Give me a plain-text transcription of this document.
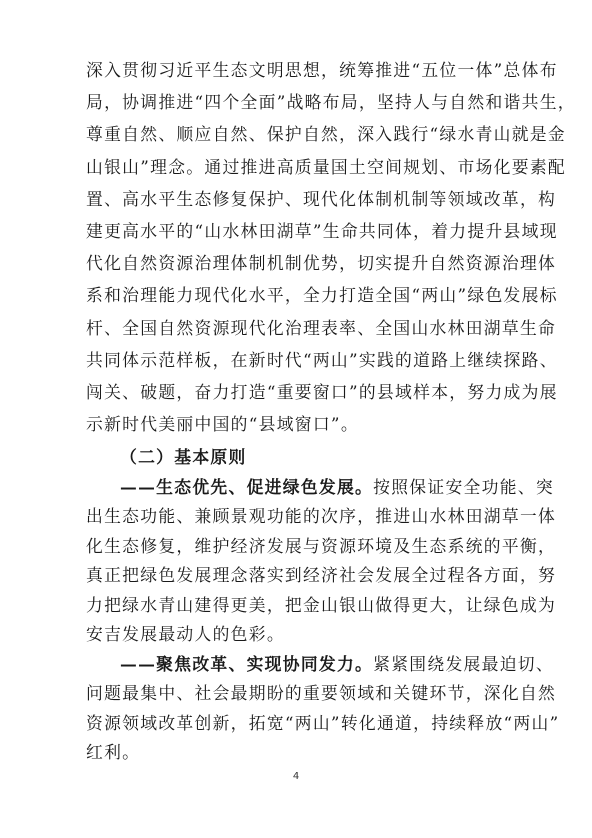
深入贯彻习近平生态文明思想，统筹推进“五位一体”总体布
局，协调推进“四个全面”战略布局，坚持人与自然和谐共生，
尊重自然、顺应自然、保护自然，深入践行“绿水青山就是金
山银山”理念。通过推进高质量国土空间规划、市场化要素配
置、高水平生态修复保护、现代化体制机制等领域改革，构
建更高水平的“山水林田湖草”生命共同体，着力提升县域现
代化自然资源治理体制机制优势，切实提升自然资源治理体
系和治理能力现代化水平，全力打造全国“两山”绿色发展标
杆、全国自然资源现代化治理表率、全国山水林田湖草生命
共同体示范样板，在新时代“两山”实践的道路上继续探路、
闯关、破题，奋力打造“重要窗口”的县域样本，努力成为展
示新时代美丽中国的“县域窗口”。
（二）基本原则
——生态优先、促进绿色发展。按照保证安全功能、突
出生态功能、兼顾景观功能的次序，推进山水林田湖草一体
化生态修复，维护经济发展与资源环境及生态系统的平衡，
真正把绿色发展理念落实到经济社会发展全过程各方面，努
力把绿水青山建得更美，把金山银山做得更大，让绿色成为
安吉发展最动人的色彩。
——聚焦改革、实现协同发力。紧紧围绕发展最迫切、
问题最集中、社会最期盼的重要领域和关键环节，深化自然
资源领域改革创新，拓宽“两山”转化通道，持续释放“两山”
红利。
4
